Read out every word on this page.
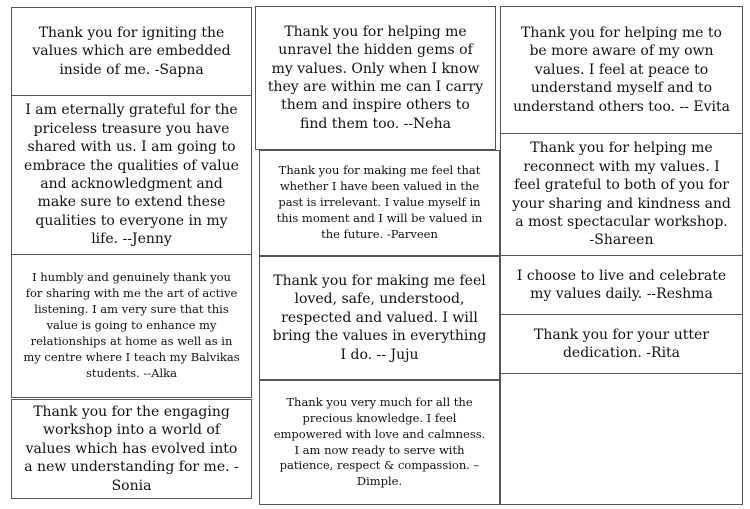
Thank you for igniting the values which are embedded inside of me. -Sapna
I am eternally grateful for the priceless treasure you have shared with us. I am going to embrace the qualities of value and acknowledgment and make sure to extend these qualities to everyone in my life. --Jenny
I humbly and genuinely thank you for sharing with me the art of active listening. I am very sure that this value is going to enhance my relationships at home as well as in my centre where I teach my Balvikas students. --Alka
Thank you for the engaging workshop into a world of values which has evolved into a new understanding for me. -Sonia
Thank you for helping me unravel the hidden gems of my values. Only when I know they are within me can I carry them and inspire others to find them too. --Neha
Thank you for making me feel that whether I have been valued in the past is irrelevant. I value myself in this moment and I will be valued in the future. -Parveen
Thank you for making me feel loved, safe, understood, respected and valued. I will bring the values in everything I do. -- Juju
Thank you very much for all the precious knowledge. I feel empowered with love and calmness. I am now ready to serve with patience, respect & compassion. – Dimple.
Thank you for helping me to be more aware of my own values. I feel at peace to understand myself and to understand others too. -- Evita
Thank you for helping me reconnect with my values. I feel grateful to both of you for your sharing and kindness and a most spectacular workshop. -Shareen
I choose to live and celebrate my values daily. --Reshma
Thank you for your utter dedication. -Rita
